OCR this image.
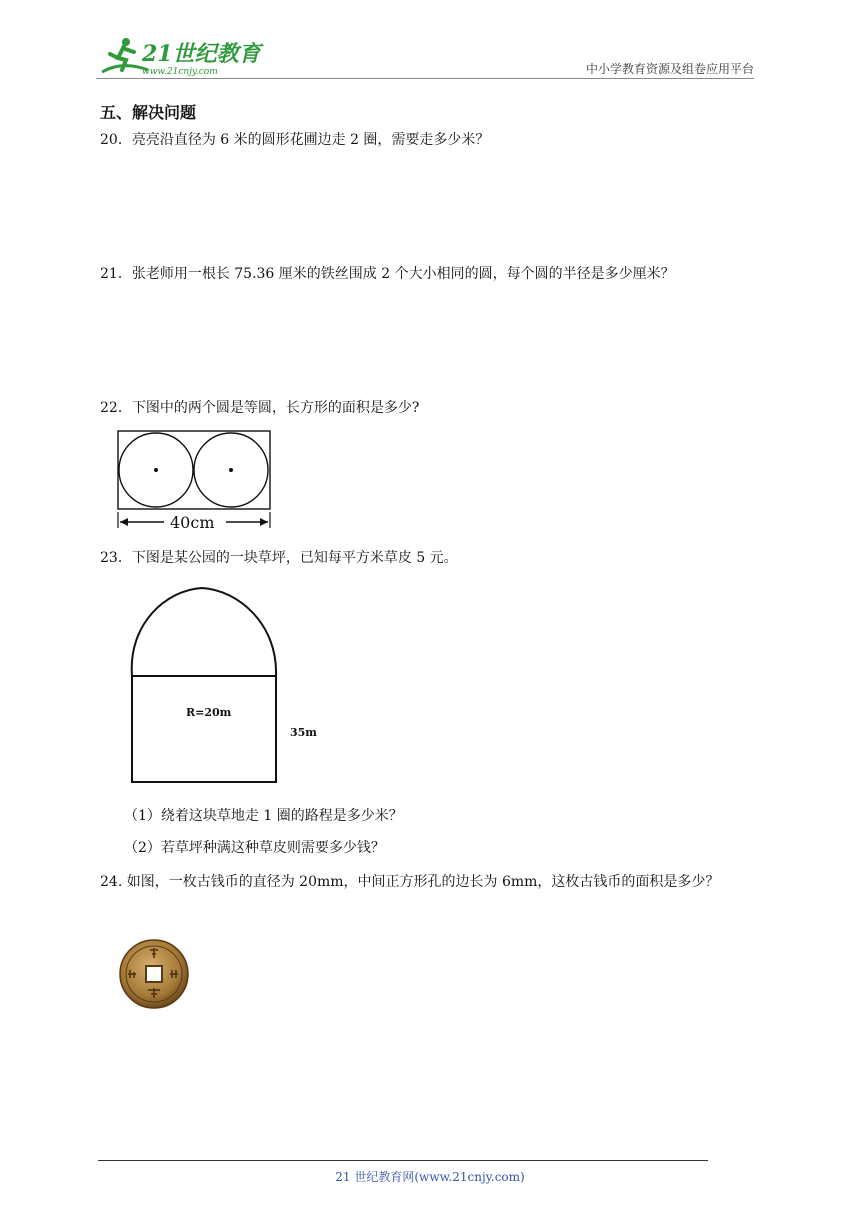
21世纪教育
www.21cnjy.com	中小学教育资源及组卷应用平台
五、解决问题
20．亮亮沿直径为 6 米的圆形花圃边走 2 圈，需要走多少米？
21．张老师用一根长 75.36 厘米的铁丝围成 2 个大小相同的圆，每个圆的半径是多少厘米？
22．下图中的两个圆是等圆，长方形的面积是多少?
40cm
23．下图是某公园的一块草坪，已知每平方米草皮 5 元。
R=20m
35m
（1）绕着这块草地走 1 圈的路程是多少米？
（2）若草坪种满这种草皮则需要多少钱？
24. 如图，一枚古钱币的直径为 20mm，中间正方形孔的边长为 6mm，这枚古钱币的面积是多少？
21 世纪教育网(www.21cnjy.com)
